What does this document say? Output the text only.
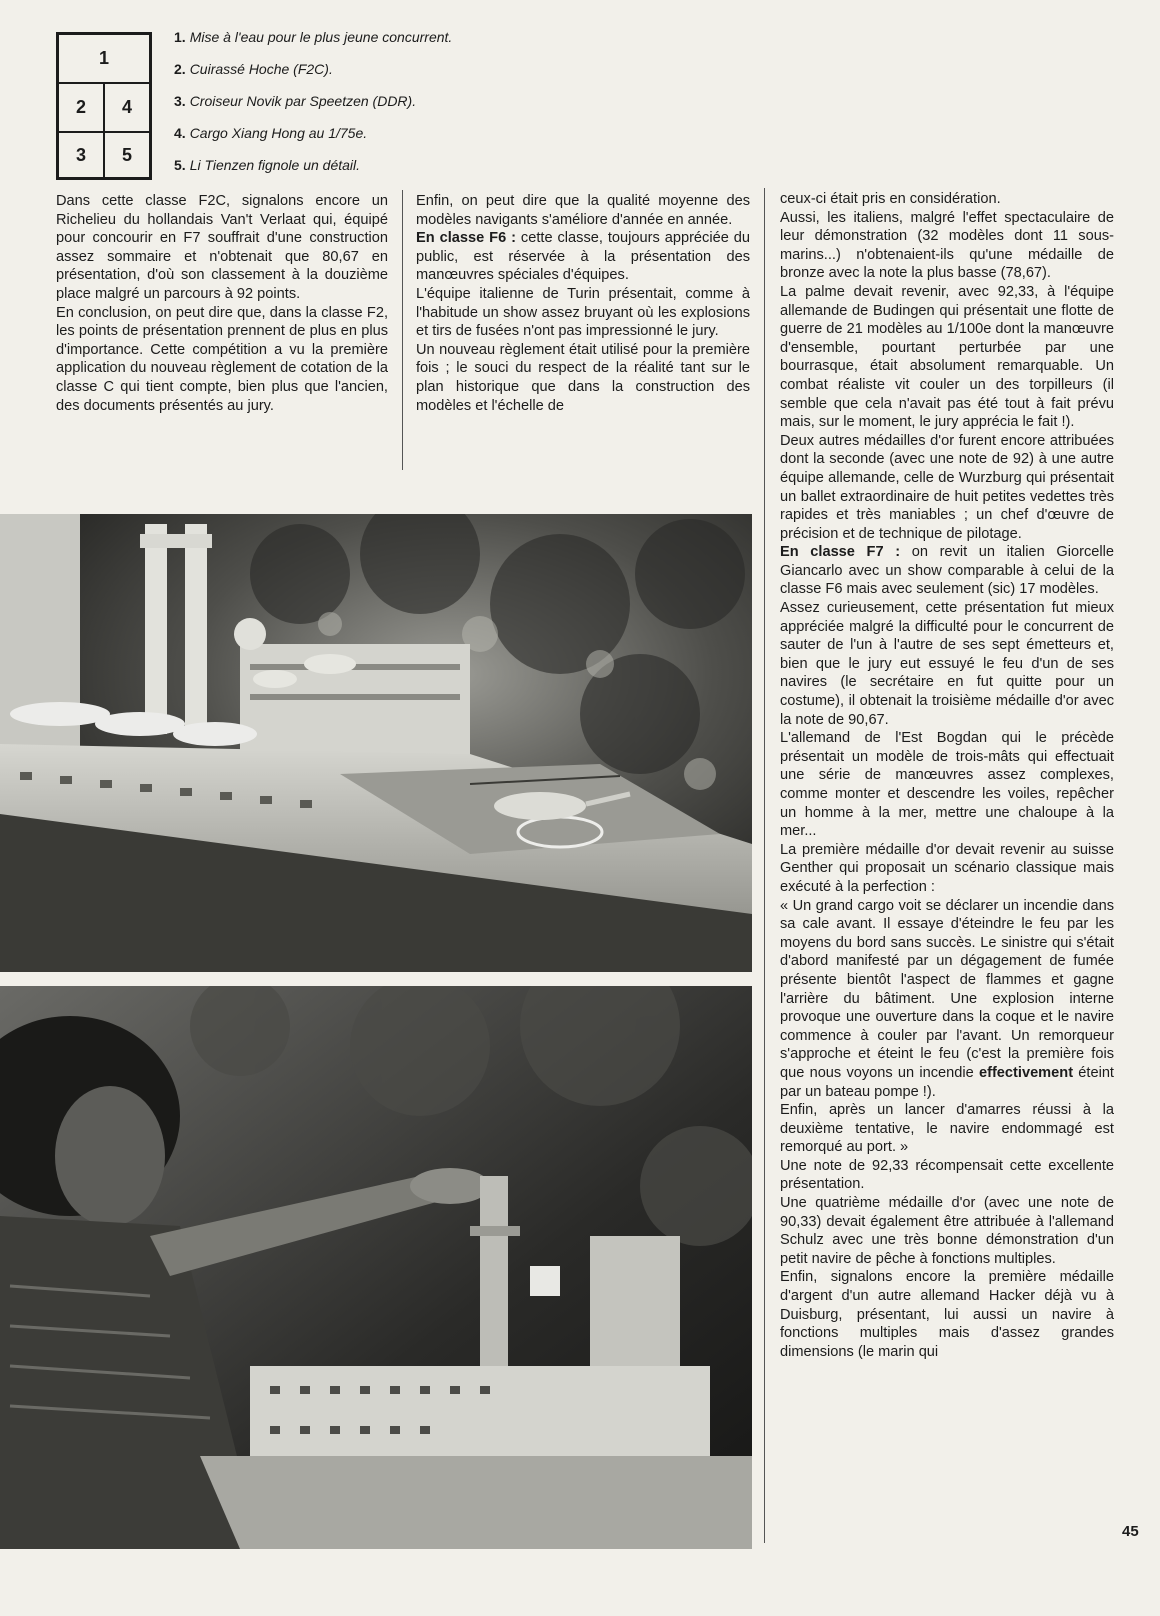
1
2	4
3	5
1. Mise à l'eau pour le plus jeune concurrent.
2. Cuirassé Hoche (F2C).
3. Croiseur Novik par Speetzen (DDR).
4. Cargo Xiang Hong au 1/75e.
5. Li Tienzen fignole un détail.

Dans cette classe F2C, signalons encore un Richelieu du hollandais Van't Verlaat qui, équipé pour concourir en F7 souffrait d'une construction assez sommaire et n'obtenait que 80,67 en présentation, d'où son classement à la douzième place malgré un parcours à 92 points.

En conclusion, on peut dire que, dans la classe F2, les points de présentation prennent de plus en plus d'importance. Cette compétition a vu la première application du nouveau règlement de cotation de la classe C qui tient compte, bien plus que l'ancien, des documents présentés au jury.

Enfin, on peut dire que la qualité moyenne des modèles navigants s'améliore d'année en année.

En classe F6 : cette classe, toujours appréciée du public, est réservée à la présentation des manœuvres spéciales d'équipes.

L'équipe italienne de Turin présentait, comme à l'habitude un show assez bruyant où les explosions et tirs de fusées n'ont pas impressionné le jury.

Un nouveau règlement était utilisé pour la première fois ; le souci du respect de la réalité tant sur le plan historique que dans la construction des modèles et l'échelle de

ceux-ci était pris en considération.

Aussi, les italiens, malgré l'effet spectaculaire de leur démonstration (32 modèles dont 11 sous-marins...) n'obtenaient-ils qu'une médaille de bronze avec la note la plus basse (78,67).

La palme devait revenir, avec 92,33, à l'équipe allemande de Budingen qui présentait une flotte de guerre de 21 modèles au 1/100e dont la manœuvre d'ensemble, pourtant perturbée par une bourrasque, était absolument remarquable. Un combat réaliste vit couler un des torpilleurs (il semble que cela n'avait pas été tout à fait prévu mais, sur le moment, le jury apprécia le fait !).

Deux autres médailles d'or furent encore attribuées dont la seconde (avec une note de 92) à une autre équipe allemande, celle de Wurzburg qui présentait un ballet extraordinaire de huit petites vedettes très rapides et très maniables ; un chef d'œuvre de précision et de technique de pilotage.

En classe F7 : on revit un italien Giorcelle Giancarlo avec un show comparable à celui de la classe F6 mais avec seulement (sic) 17 modèles.

Assez curieusement, cette présentation fut mieux appréciée malgré la difficulté pour le concurrent de sauter de l'un à l'autre de ses sept émetteurs et, bien que le jury eut essuyé le feu d'un de ses navires (le secrétaire en fut quitte pour un costume), il obtenait la troisième médaille d'or avec la note de 90,67.

L'allemand de l'Est Bogdan qui le précède présentait un modèle de trois-mâts qui effectuait une série de manœuvres assez complexes, comme monter et descendre les voiles, repêcher un homme à la mer, mettre une chaloupe à la mer...

La première médaille d'or devait revenir au suisse Genther qui proposait un scénario classique mais exécuté à la perfection :

« Un grand cargo voit se déclarer un incendie dans sa cale avant. Il essaye d'éteindre le feu par les moyens du bord sans succès. Le sinistre qui s'était d'abord manifesté par un dégagement de fumée présente bientôt l'aspect de flammes et gagne l'arrière du bâtiment. Une explosion interne provoque une ouverture dans la coque et le navire commence à couler par l'avant. Un remorqueur s'approche et éteint le feu (c'est la première fois que nous voyons un incendie effectivement éteint par un bateau pompe !).

Enfin, après un lancer d'amarres réussi à la deuxième tentative, le navire endommagé est remorqué au port. »

Une note de 92,33 récompensait cette excellente présentation.

Une quatrième médaille d'or (avec une note de 90,33) devait également être attribuée à l'allemand Schulz avec une très bonne démonstration d'un petit navire de pêche à fonctions multiples.

Enfin, signalons encore la première médaille d'argent d'un autre allemand Hacker déjà vu à Duisburg, présentant, lui aussi un navire à fonctions multiples mais d'assez grandes dimensions (le marin qui

45
